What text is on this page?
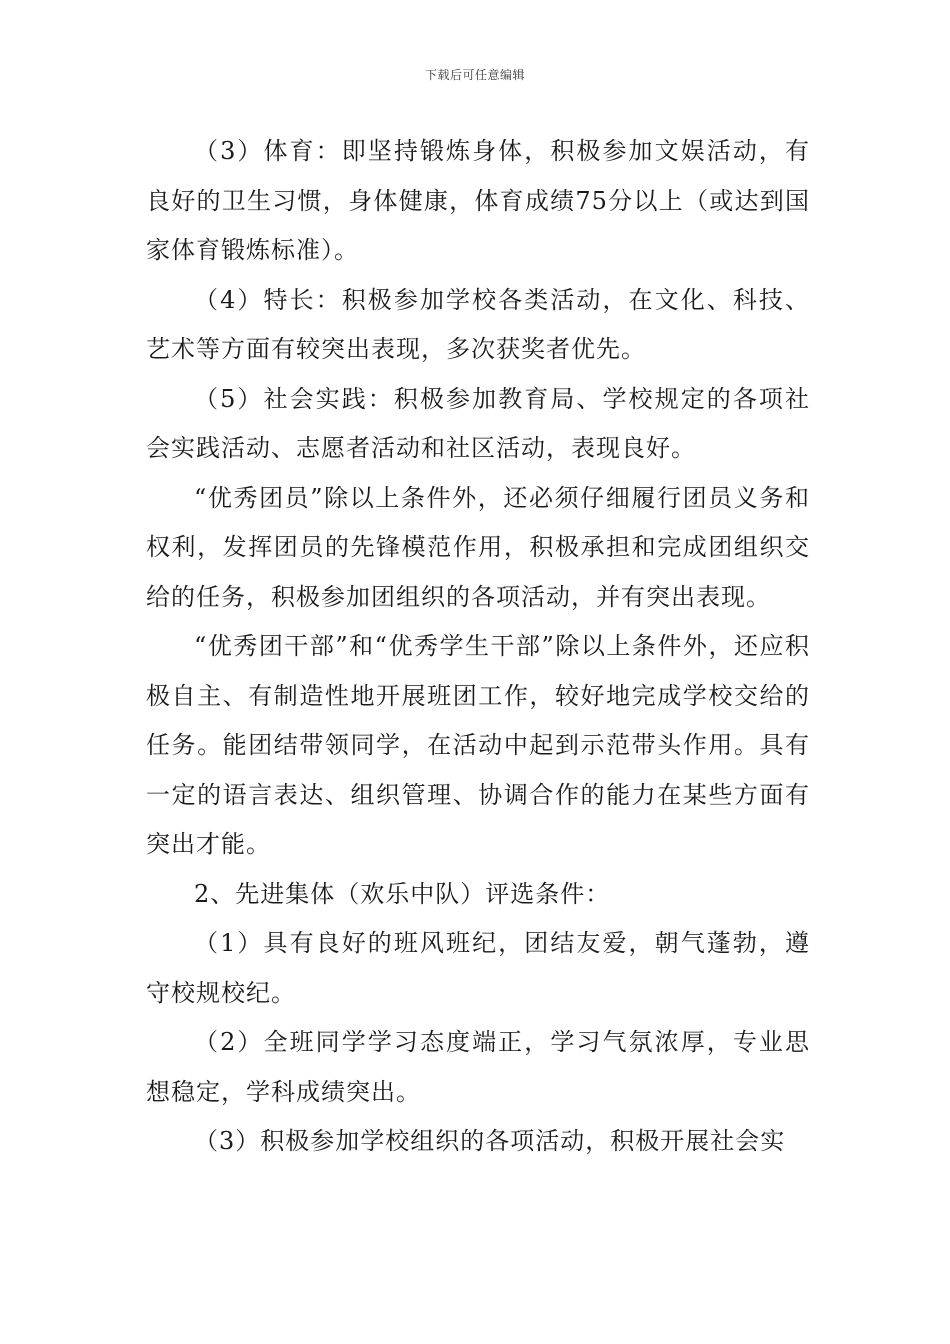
下载后可任意编辑

（3）体育：即坚持锻炼身体，积极参加文娱活动，有良好的卫生习惯，身体健康，体育成绩75分以上（或达到国家体育锻炼标准）。

（4）特长：积极参加学校各类活动，在文化、科技、艺术等方面有较突出表现，多次获奖者优先。

（5）社会实践：积极参加教育局、学校规定的各项社会实践活动、志愿者活动和社区活动，表现良好。

“优秀团员”除以上条件外，还必须仔细履行团员义务和权利，发挥团员的先锋模范作用，积极承担和完成团组织交给的任务，积极参加团组织的各项活动，并有突出表现。

“优秀团干部”和“优秀学生干部”除以上条件外，还应积极自主、有制造性地开展班团工作，较好地完成学校交给的任务。能团结带领同学，在活动中起到示范带头作用。具有一定的语言表达、组织管理、协调合作的能力在某些方面有突出才能。

2、先进集体（欢乐中队）评选条件：

（1）具有良好的班风班纪，团结友爱，朝气蓬勃，遵守校规校纪。

（2）全班同学学习态度端正，学习气氛浓厚，专业思想稳定，学科成绩突出。

（3）积极参加学校组织的各项活动，积极开展社会实
